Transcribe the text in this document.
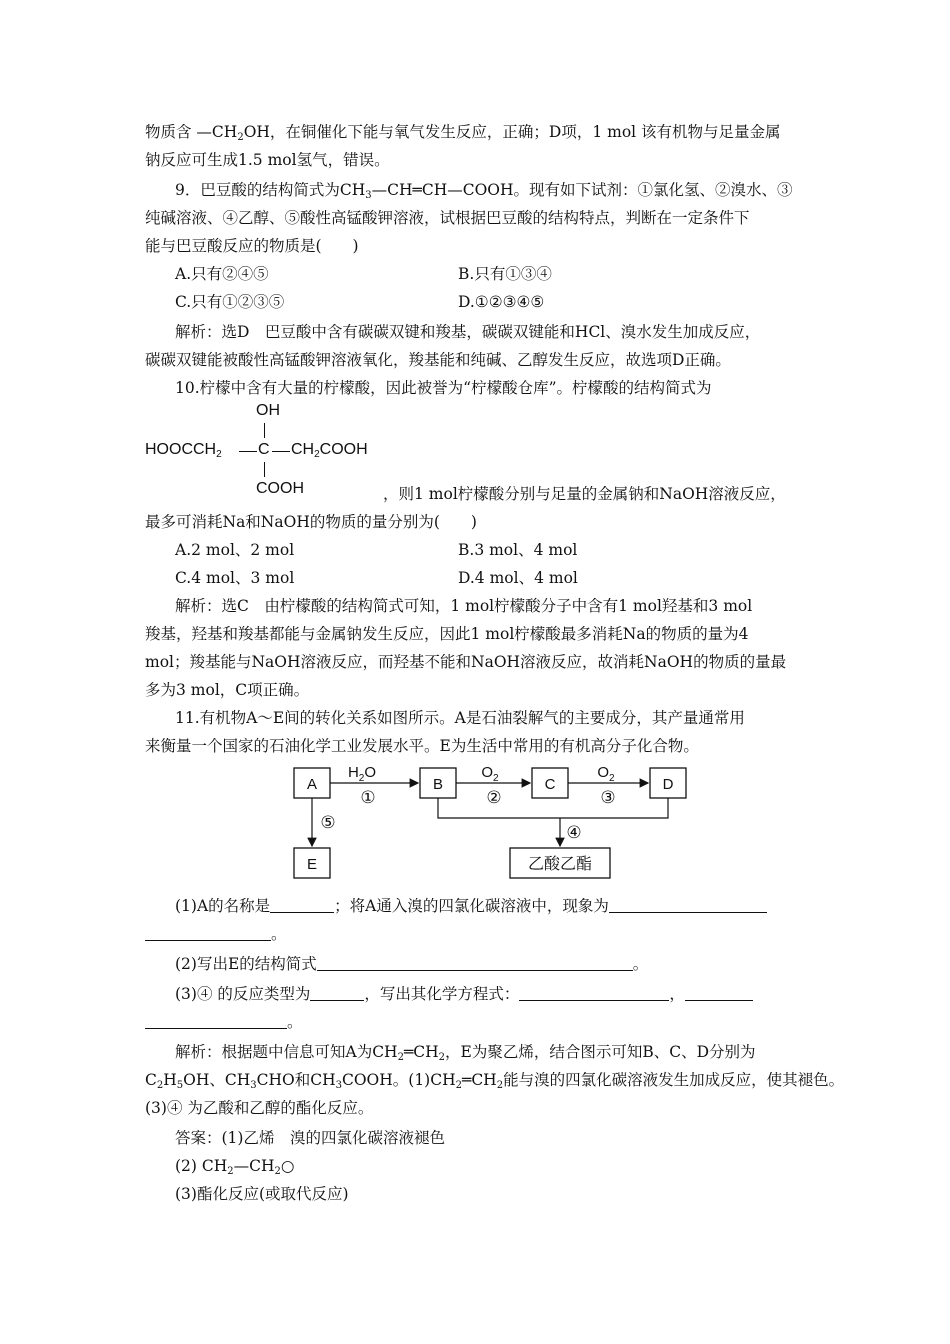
物质含 $—CH_2OH$，在铜催化下能与氧气发生反应，正确；D项，1 mol 该有机物与足量金属
钠反应可生成1.5 mol氢气，错误。
9．巴豆酸的结构简式为$CH_3—CH═CH—COOH$。现有如下试剂：①氯化氢、②溴水、③
纯碱溶液、④乙醇、⑤酸性高锰酸钾溶液，试根据巴豆酸的结构特点，判断在一定条件下
能与巴豆酸反应的物质是(　　)
A.只有②④⑤	B.只有①③④
C.只有①②③⑤	D.①②③④⑤
解析：选D　巴豆酸中含有碳碳双键和羧基，碳碳双键能和HCl、溴水发生加成反应，
碳碳双键能被酸性高锰酸钾溶液氧化，羧基能和纯碱、乙醇发生反应，故选项D正确。
10.柠檬中含有大量的柠檬酸，因此被誉为“柠檬酸仓库”。柠檬酸的结构简式为
OH
$HOOCCH_2$ C $CH_2COOH$
COOH	，则1 mol柠檬酸分别与足量的金属钠和NaOH溶液反应，
最多可消耗Na和NaOH的物质的量分别为(　　)
A.2 mol、2 mol	B.3 mol、4 mol
C.4 mol、3 mol	D.4 mol、4 mol
解析：选C　由柠檬酸的结构简式可知，1 mol柠檬酸分子中含有1 mol羟基和3 mol
羧基，羟基和羧基都能与金属钠发生反应，因此1 mol柠檬酸最多消耗Na的物质的量为4
mol；羧基能与NaOH溶液反应，而羟基不能和NaOH溶液反应，故消耗NaOH的物质的量最
多为3 mol，C项正确。
11.有机物A～E间的转化关系如图所示。A是石油裂解气的主要成分，其产量通常用
来衡量一个国家的石油化学工业发展水平。E为生活中常用的有机高分子化合物。
A	B	C	D
E	乙酸乙酯
$H_2O$	$O_2$	$O_2$
①	②	③
④
⑤
(1)A的名称是	；将A通入溴的四氯化碳溶液中，现象为
。
(2)写出E的结构简式	。
(3)④ 的反应类型为	，写出其化学方程式：	，
。
解析：根据题中信息可知A为$CH_2═CH_2$，E为聚乙烯，结合图示可知B、C、D分别为
$C_2H_5OH$、$CH_3CHO$和$CH_3COOH$。$(1)CH_2═CH_2$能与溴的四氯化碳溶液发生加成反应，使其褪色。
(3)④ 为乙酸和乙醇的酯化反应。
答案：(1)乙烯　溴的四氯化碳溶液褪色
(2) $CH_2—CH_2○$
(3)酯化反应(或取代反应)
